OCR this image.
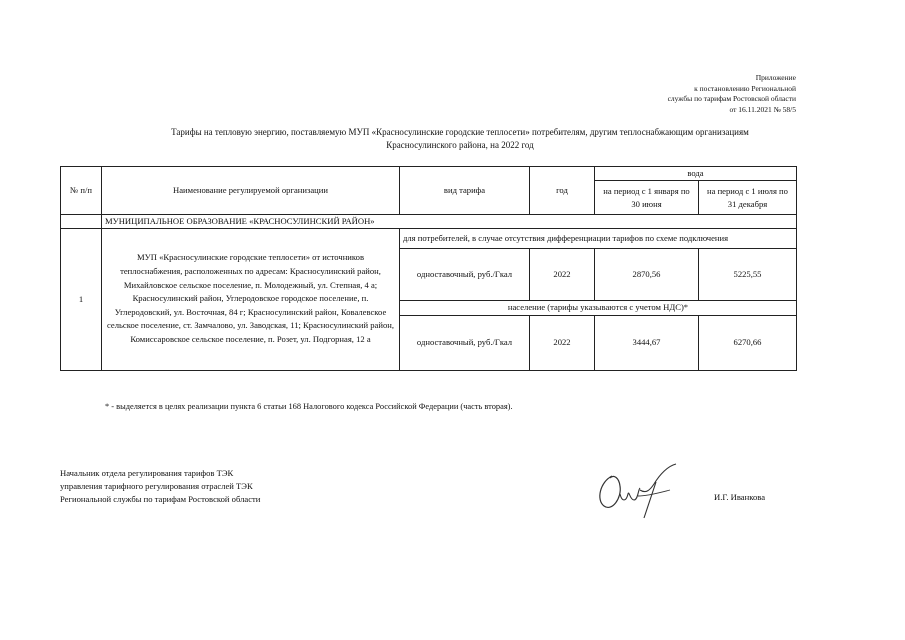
Приложение
к постановлению Региональной
службы по тарифам Ростовской области
от 16.11.2021 № 58/5
Тарифы на тепловую энергию, поставляемую МУП «Красносулинские городские теплосети» потребителям, другим теплоснабжающим организациям
Красносулинского района, на 2022 год
№ п/п	Наименование регулируемой организации	вид тарифа	год	вода	
				на период с 1 января по 30 июня	на период с 1 июля по 31 декабря
	МУНИЦИПАЛЬНОЕ ОБРАЗОВАНИЕ «КРАСНОСУЛИНСКИЙ РАЙОН»				
1	МУП «Красносулинские городские теплосети» от источников теплоснабжения, расположенных по адресам: Красносулинский район, Михайловское сельское поселение, п. Молодежный, ул. Степная, 4 а; Красносулинский район, Углеродовское городское поселение, п. Углеродовский, ул. Восточная, 84 г; Красносулинский район, Ковалевское сельское поселение, ст. Замчалово, ул. Заводская, 11; Красносулинский район, Комиссаровское сельское поселение, п. Розет, ул. Подгорная, 12 а	для потребителей, в случае отсутствия дифференциации тарифов по схеме подключения			
		одноставочный, руб./Гкал	2022	2870,56	5225,55
		население (тарифы указываются с учетом НДС)*			
		одноставочный, руб./Гкал	2022	3444,67	6270,66
* - выделяется в целях реализации пункта 6 статьи 168 Налогового кодекса Российской Федерации (часть вторая).
Начальник отдела регулирования тарифов ТЭК
управления тарифного регулирования отраслей ТЭК
Региональной службы по тарифам Ростовской области	И.Г. Иванкова
